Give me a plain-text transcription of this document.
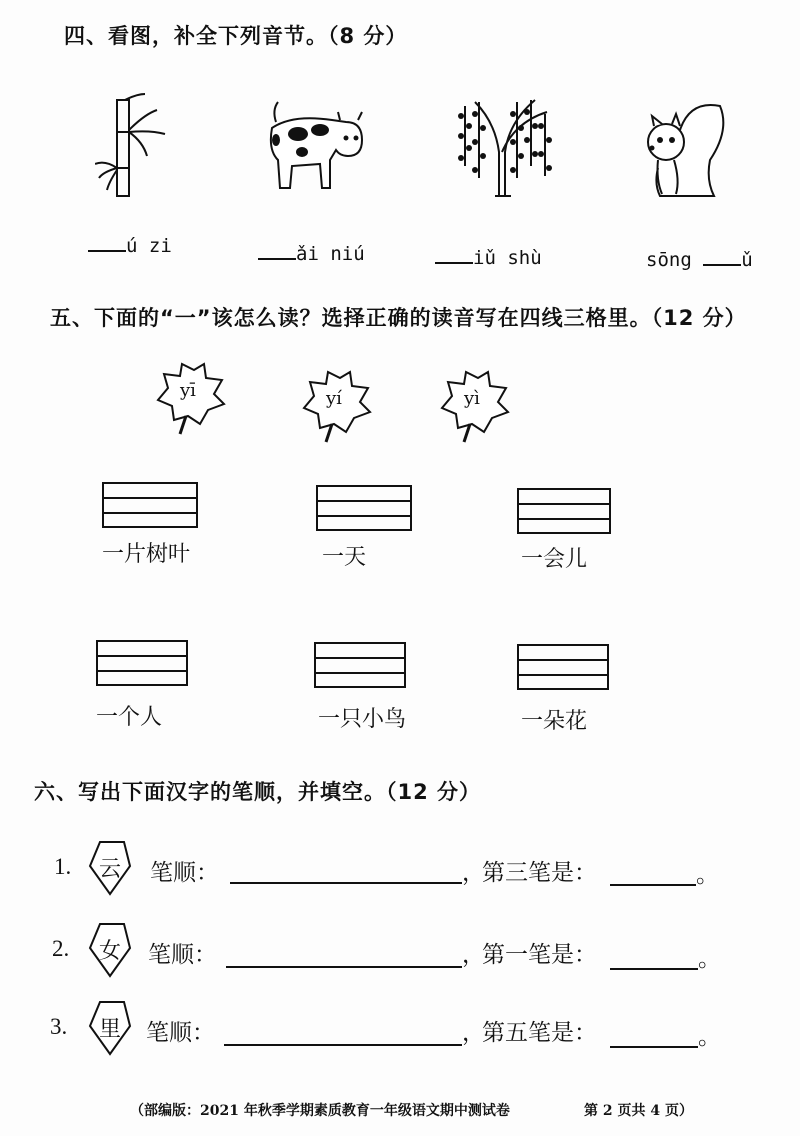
四、看图，补全下列音节。（8 分）
ú zi	ǎi niú	iǔ shù	sōng	ǔ
五、下面的“一”该怎么读？选择正确的读音写在四线三格里。（12 分）
yī	yí	yì
一片树叶	一天	一会儿
一个人	一只小鸟	一朵花
六、写出下面汉字的笔顺，并填空。（12 分）
1. 云 笔顺：	，
第三笔是：	。
2. 女 笔顺：	，
第一笔是：	。
3. 里 笔顺：	，
第五笔是：	。
（部编版：2021 年秋季学期素质教育一年级语文期中测试卷	第 2 页共 4 页）
